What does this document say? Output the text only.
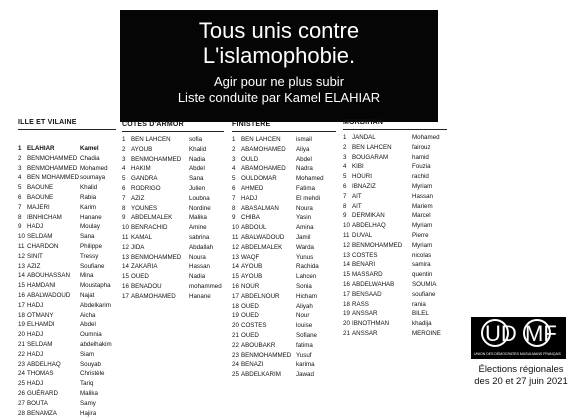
Tous unis contre
L'islamophobie.
Agir pour ne plus subir
Liste conduite par Kamel ELAHIAR
ILLE ET VILAINE
1 ELAHIAR	Kamel
2 BENMOHAMMED Chadia
3 BENMOHAMMED Mohamed
4 BEN MOHAMMED soumaya
5 BAOUNE	Khalid
6 BAOUNE	Rabia
7 MAJERI	Karim
8 IBNHICHAM	Hanane
9 HADJ	Moulay
10 SELDAM	Sana
11 CHARDON	Philippe
12 SINIT	Tressy
13 AZIZ	Soufiane
14 ABOUHASSAN Mina
15 HAMDANI	Moustapha
16 ABALWADOUD Najat
17 HADJ	Abdelkarim
18 OTMANY	Aicha
19 ELHAMDI	Abdel
20 HADJ	Oumnia
21 SELDAM	abdelhakim
22 HADJ	Siam
23 ABDELHAQ	Souyab
24 THOMAS	Christèle
25 HADJ	Tariq
26 GUÉRARD	Malika
27 BOUTA	Samy
28 BENAMZA	Hajira
CÔTES D'ARMOR
1 BEN LAHCEN	sofia
2 AYOUB	Khalid
3 BENMOHAMMED Nadia
4 HAKIM	Abdel
5 GANDRA	Sana
6 RODRIGO	Julien
7 AZIZ	Loubna
8 YOUNES	Nordine
9 ABDELMALEK	Malika
10 BENRACHID	Amine
11 KAMAL	sabrina
12 JIDA	Abdallah
13 BENMOHAMMED Noura
14 ZAKARIA	Hassan
15 OUED	Nadia
16 BENADOU	mohammed
17 ABAMOHAMED Hanane
FINISTERE
1 BEN LAHCEN ismail
2 ABAMOHAMED Aliya
3 OULD	Abdel
4 ABAMOHAMED Nadra
5 OULDOMAR	Mohamed
6 AHMED	Fatima
7 HADJ	El mehdi
8 ABASALMAN	Noura
9 CHIBA	Yasin
10 ABDOUL	Amina
11 ABALWADOUD Jamil
12 ABDELMALEK Warda
13 WAQF	Yunus
14 AYOUB	Rachida
15 AYOUB	Lahcen
16 NOUR	Sonia
17 ABDELNOUR	Hicham
18 OUED	Aliyah
19 OUED	Nour
20 COSTES	louise
21 OUED	Sofiane
22 ABOUBAKR	fatima
23 BENMOHAMMED Yusuf
24 BENAZI	karima
25 ABDELKARIM Jawad
MORBIHAN
1 JANDAL	Mohamed
2 BEN LAHCEN	fairouz
3 BOUGARAM	hamid
4 KIBI	Fouzia
5 HOURI	rachid
6 IBNAZIZ	Myriam
7 AIT	Hassan
8 AIT	Mariem
9 DERMIKAN	Marcel
10 ABDELHAQ	Myriam
11 DUVAL	Pierre
12 BENMOHAMMED Myriam
13 COSTES	nicolas
14 BENARI	samira
15 MASSARD	quentin
16 ABDELWAHAB	SOUMIA
17 BENSAAD	soufiane
18 RASS	rania
19 ANSSAR	BILEL
20 IBNOTHMAN	khadija
21 ANSSAR	MEROINE UD MF
UNION DES DÉMOCRATES MUSULMANS FRANÇAIS
Élections régionales
des 20 et 27 juin 2021
